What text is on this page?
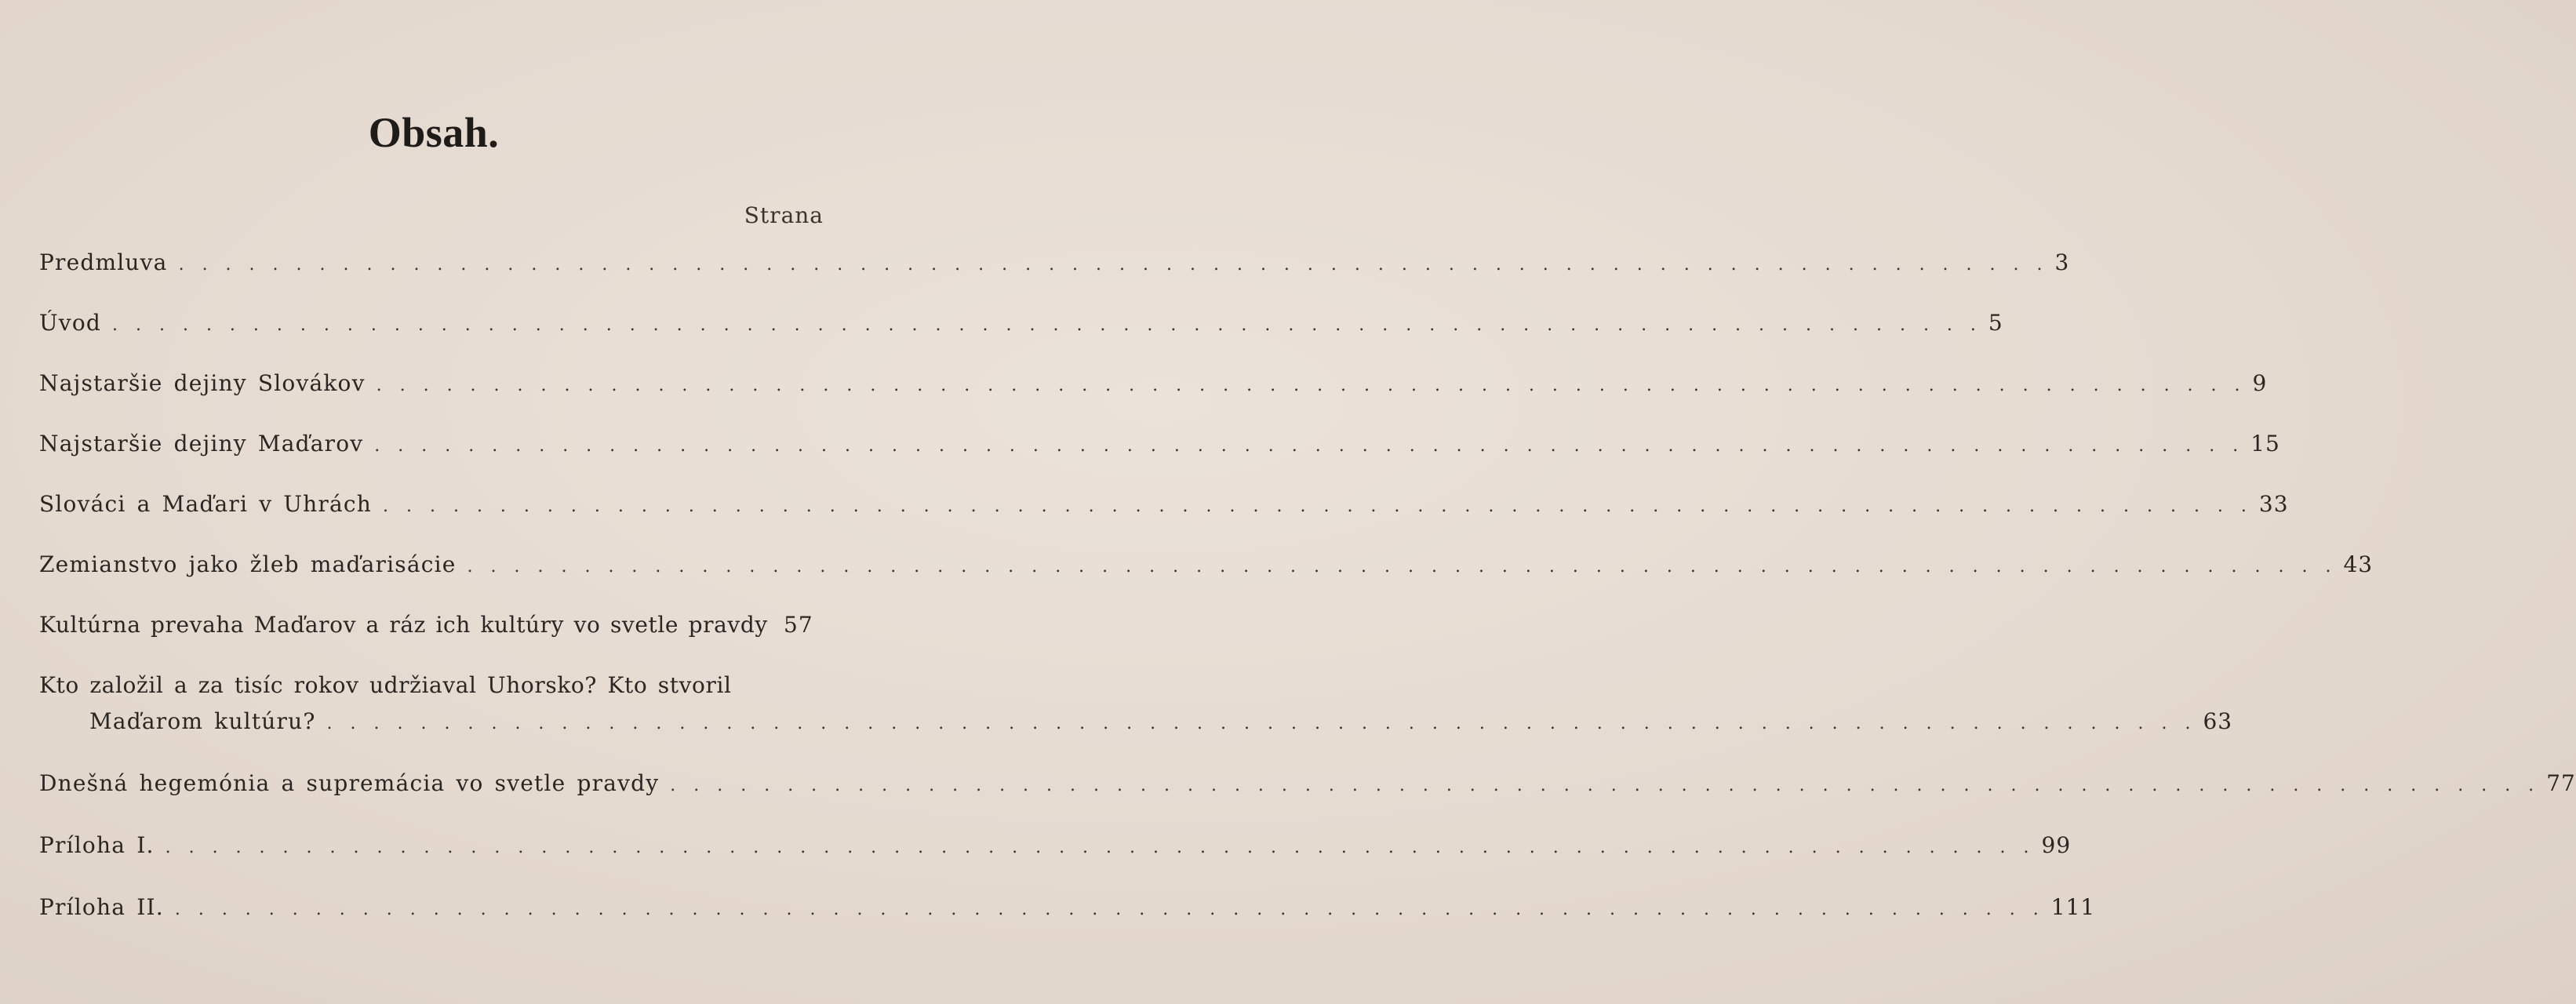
Obsah.
Strana
Predmluva . . . . . . . . . . . . . . . . . . . . . . . . . . . . . . . . . . . . . . . . . . . . . . . . . . . . . . . . . . . . . . . . . . . . . . . . . . . . . . . . 3
Úvod . . . . . . . . . . . . . . . . . . . . . . . . . . . . . . . . . . . . . . . . . . . . . . . . . . . . . . . . . . . . . . . . . . . . . . . . . . . . . . . . 5
Najstaršie dejiny Slovákov . . . . . . . . . . . . . . . . . . . . . . . . . . . . . . . . . . . . . . . . . . . . . . . . . . . . . . . . . . . . . . . . . . . . . . . . . . . . . . . . 9
Najstaršie dejiny Maďarov . . . . . . . . . . . . . . . . . . . . . . . . . . . . . . . . . . . . . . . . . . . . . . . . . . . . . . . . . . . . . . . . . . . . . . . . . . . . . . . . 15
Slováci a Maďari v Uhrách . . . . . . . . . . . . . . . . . . . . . . . . . . . . . . . . . . . . . . . . . . . . . . . . . . . . . . . . . . . . . . . . . . . . . . . . . . . . . . . . 33
Zemianstvo jako žleb maďarisácie . . . . . . . . . . . . . . . . . . . . . . . . . . . . . . . . . . . . . . . . . . . . . . . . . . . . . . . . . . . . . . . . . . . . . . . . . . . . . . . . 43
Kultúrna prevaha Maďarov a ráz ich kultúry vo svetle pravdy 57
Kto založil a za tisíc rokov udržiaval Uhorsko? Kto stvoril
Maďarom kultúru? . . . . . . . . . . . . . . . . . . . . . . . . . . . . . . . . . . . . . . . . . . . . . . . . . . . . . . . . . . . . . . . . . . . . . . . . . . . . . . . . 63
Dnešná hegemónia a supremácia vo svetle pravdy . . . . . . . . . . . . . . . . . . . . . . . . . . . . . . . . . . . . . . . . . . . . . . . . . . . . . . . . . . . . . . . . . . . . . . . . . . . . . . . . 77
Príloha I. . . . . . . . . . . . . . . . . . . . . . . . . . . . . . . . . . . . . . . . . . . . . . . . . . . . . . . . . . . . . . . . . . . . . . . . . . . . . . . . . 99
Príloha II. . . . . . . . . . . . . . . . . . . . . . . . . . . . . . . . . . . . . . . . . . . . . . . . . . . . . . . . . . . . . . . . . . . . . . . . . . . . . . . . . 111
